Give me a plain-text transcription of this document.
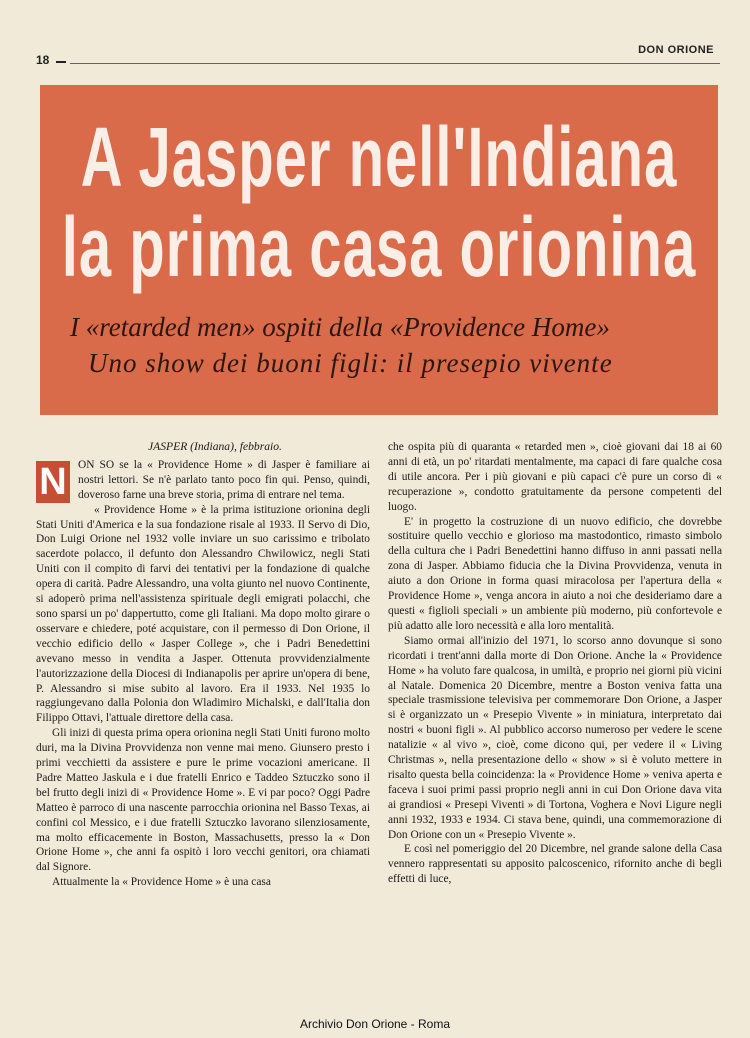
18
DON ORIONE
A Jasper nell'Indiana
la prima casa orionina
I «retarded men» ospiti della «Providence Home»
Uno show dei buoni figli: il presepio vivente
JASPER (Indiana), febbraio.

N ON SO se la « Providence Home » di Jasper è familiare ai nostri lettori. Se n'è parlato tanto poco fin qui. Penso, quindi, doveroso farne una breve storia, prima di entrare nel tema.

« Providence Home » è la prima istituzione orionina degli Stati Uniti d'America e la sua fondazione risale al 1933. Il Servo di Dio, Don Luigi Orione nel 1932 volle inviare un suo carissimo e tribolato sacerdote polacco, il defunto don Alessandro Chwilowicz, negli Stati Uniti con il compito di farvi dei tentativi per la fondazione di qualche opera di carità. Padre Alessandro, una volta giunto nel nuovo Continente, si adoperò prima nell'assistenza spirituale degli emigrati polacchi, che sono sparsi un po' dappertutto, come gli Italiani. Ma dopo molto girare o osservare e chiedere, poté acquistare, con il permesso di Don Orione, il vecchio edificio dello « Jasper College », che i Padri Benedettini avevano messo in vendita a Jasper. Ottenuta provvidenzialmente l'autorizzazione della Diocesi di Indianapolis per aprire un'opera di bene, P. Alessandro si mise subito al lavoro. Era il 1933. Nel 1935 lo raggiungevano dalla Polonia don Wladimiro Michalski, e dall'Italia don Filippo Ottavi, l'attuale direttore della casa.

Gli inizi di questa prima opera orionina negli Stati Uniti furono molto duri, ma la Divina Provvidenza non venne mai meno. Giunsero presto i primi vecchietti da assistere e pure le prime vocazioni americane. Il Padre Matteo Jaskula e i due fratelli Enrico e Taddeo Sztuczko sono il bel frutto degli inizi di « Providence Home ». E vi par poco? Oggi Padre Matteo è parroco di una nascente parrocchia orionina nel Basso Texas, ai confini col Messico, e i due fratelli Sztuczko lavorano silenziosamente, ma molto efficacemente in Boston, Massachusetts, presso la « Don Orione Home », che anni fa ospitò i loro vecchi genitori, ora chiamati dal Signore.

Attualmente la « Providence Home » è una casa

che ospita più di quaranta « retarded men », cioè giovani dai 18 ai 60 anni di età, un po' ritardati mentalmente, ma capaci di fare qualche cosa di utile ancora. Per i più giovani e più capaci c'è pure un corso di « recuperazione », condotto gratuitamente da persone competenti del luogo.

E' in progetto la costruzione di un nuovo edificio, che dovrebbe sostituire quello vecchio e glorioso ma mastodontico, rimasto simbolo della cultura che i Padri Benedettini hanno diffuso in anni passati nella zona di Jasper. Abbiamo fiducia che la Divina Provvidenza, venuta in aiuto a don Orione in forma quasi miracolosa per l'apertura della « Providence Home », venga ancora in aiuto a noi che desideriamo dare a questi « figlioli speciali » un ambiente più moderno, più confortevole e più adatto alle loro necessità e alla loro mentalità.

Siamo ormai all'inizio del 1971, lo scorso anno dovunque si sono ricordati i trent'anni dalla morte di Don Orione. Anche la « Providence Home » ha voluto fare qualcosa, in umiltà, e proprio nei giorni più vicini al Natale. Domenica 20 Dicembre, mentre a Boston veniva fatta una speciale trasmissione televisiva per commemorare Don Orione, a Jasper si è organizzato un « Presepio Vivente » in miniatura, interpretato dai nostri « buoni figli ». Al pubblico accorso numeroso per vedere le scene natalizie « al vivo », cioè, come dicono qui, per vedere il « Living Christmas », nella presentazione dello « show » si è voluto mettere in risalto questa bella coincidenza: la « Providence Home » veniva aperta e faceva i suoi primi passi proprio negli anni in cui Don Orione dava vita ai grandiosi « Presepi Viventi » di Tortona, Voghera e Novi Ligure negli anni 1932, 1933 e 1934. Ci stava bene, quindi, una commemorazione di Don Orione con un « Presepio Vivente ».

E così nel pomeriggio del 20 Dicembre, nel grande salone della Casa vennero rappresentati su apposito palcoscenico, rifornito anche di begli effetti di luce,

Archivio Don Orione - Roma
